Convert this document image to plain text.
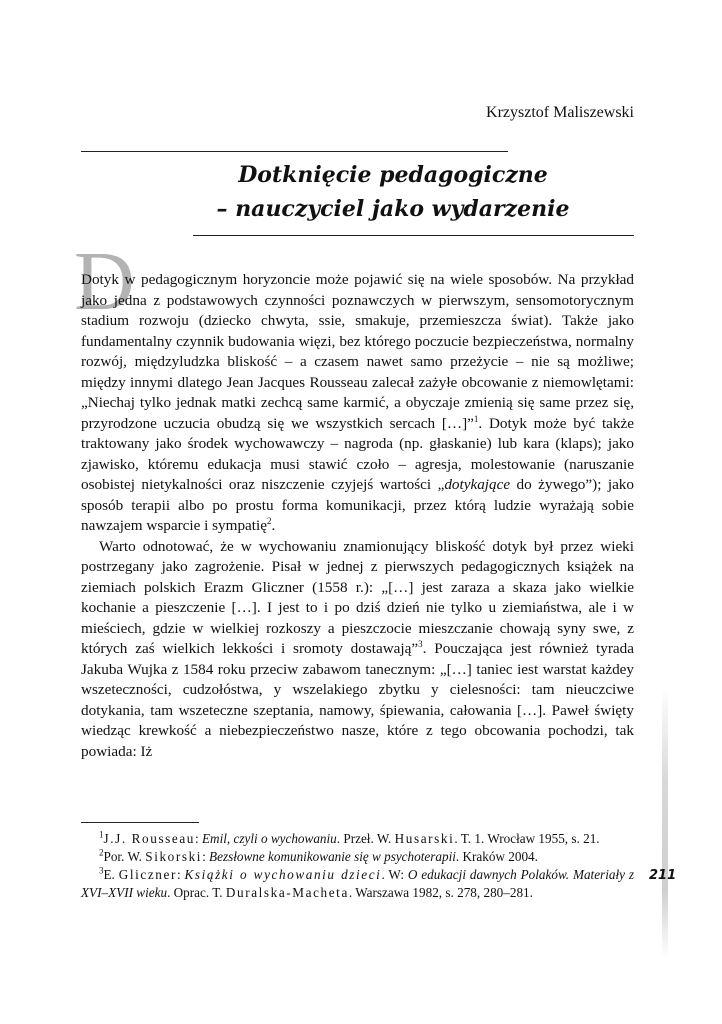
Krzysztof Maliszewski
Dotknięcie pedagogiczne
– nauczyciel jako wydarzenie
D

Dotyk w pedagogicznym horyzoncie może pojawić się na wiele sposobów. Na przykład jako jedna z podstawowych czynności poznawczych w pierwszym, sensomotorycznym stadium rozwoju (dziecko chwyta, ssie, smakuje, przemieszcza świat). Także jako fundamentalny czynnik budowania więzi, bez którego poczucie bezpieczeństwa, normalny rozwój, międzyludzka bliskość – a czasem nawet samo przeżycie – nie są możliwe; między innymi dlatego Jean Jacques Rousseau zalecał zażyłe obcowanie z niemowlętami: „Niechaj tylko jednak matki zechcą same karmić, a obyczaje zmienią się same przez się, przyrodzone uczucia obudzą się we wszystkich sercach […]”$^1$. Dotyk może być także traktowany jako środek wychowawczy – nagroda (np. głaskanie) lub kara (klaps); jako zjawisko, któremu edukacja musi stawić czoło – agresja, molestowanie (naruszanie osobistej nietykalności oraz niszczenie czyjejś wartości „dotykające do żywego”); jako sposób terapii albo po prostu forma komunikacji, przez którą ludzie wyrażają sobie nawzajem wsparcie i sympatię$^2$.

Warto odnotować, że w wychowaniu znamionujący bliskość dotyk był przez wieki postrzegany jako zagrożenie. Pisał w jednej z pierwszych pedagogicznych książek na ziemiach polskich Erazm Gliczner (1558 r.): „[…] jest zaraza a skaza jako wielkie kochanie a pieszczenie […]. I jest to i po dziś dzień nie tylko u ziemiaństwa, ale i w mieściech, gdzie w wielkiej rozkoszy a pieszczocie mieszczanie chowają syny swe, z których zaś wielkich lekkości i sromoty dostawają”$^3$. Pouczająca jest również tyrada Jakuba Wujka z 1584 roku przeciw zabawom tanecznym: „[…] taniec iest warstat każdey wszeteczności, cudzołóstwa, y wszelakiego zbytku y cielesności: tam nieuczciwe dotykania, tam wszeteczne szeptania, namowy, śpiewania, całowania […]. Paweł święty wiedząc krewkość a niebezpieczeństwo nasze, które z tego obcowania pochodzi, tak powiada: Iż

$^1$J.J. Rousseau: Emil, czyli o wychowaniu. Przeł. W. Husarski. T. 1. Wrocław 1955, s. 21.

$^2$Por. W. Sikorski: Bezsłowne komunikowanie się w psychoterapii. Kraków 2004.

$^3$E. Gliczner: Książki o wychowaniu dzieci. W: O edukacji dawnych Polaków. Materiały z XVI–XVII wieku. Oprac. T. Duralska-Macheta. Warszawa 1982, s. 278, 280–281.

211
